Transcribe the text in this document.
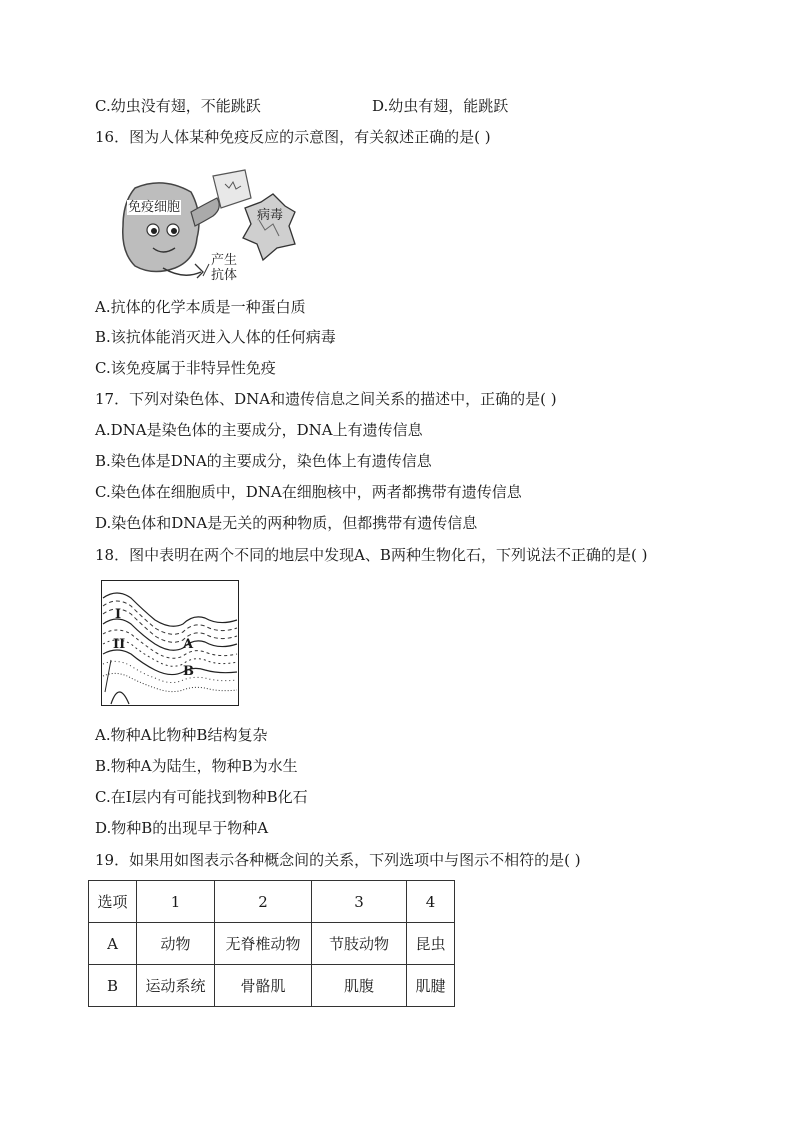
C.幼虫没有翅，不能跳跃	D.幼虫有翅，能跳跃
16．图为人体某种免疫反应的示意图，有关叙述正确的是( )
免疫细胞
病毒
产生
抗体
A.抗体的化学本质是一种蛋白质
B.该抗体能消灭进入人体的任何病毒
C.该免疫属于非特异性免疫
17．下列对染色体、DNA和遗传信息之间关系的描述中，正确的是( )
A.DNA是染色体的主要成分，DNA上有遗传信息
B.染色体是DNA的主要成分，染色体上有遗传信息
C.染色体在细胞质中，DNA在细胞核中，两者都携带有遗传信息
D.染色体和DNA是无关的两种物质，但都携带有遗传信息
18．图中表明在两个不同的地层中发现A、B两种生物化石，下列说法不正确的是( )
I
II	A
B
A.物种A比物种B结构复杂
B.物种A为陆生，物种B为水生
C.在I层内有可能找到物种B化石
D.物种B的出现早于物种A
19．如果用如图表示各种概念间的关系，下列选项中与图示不相符的是( )
选项	1	2	3	4
A	动物	无脊椎动物	节肢动物	昆虫
B	运动系统	骨骼肌	肌腹	肌腱
